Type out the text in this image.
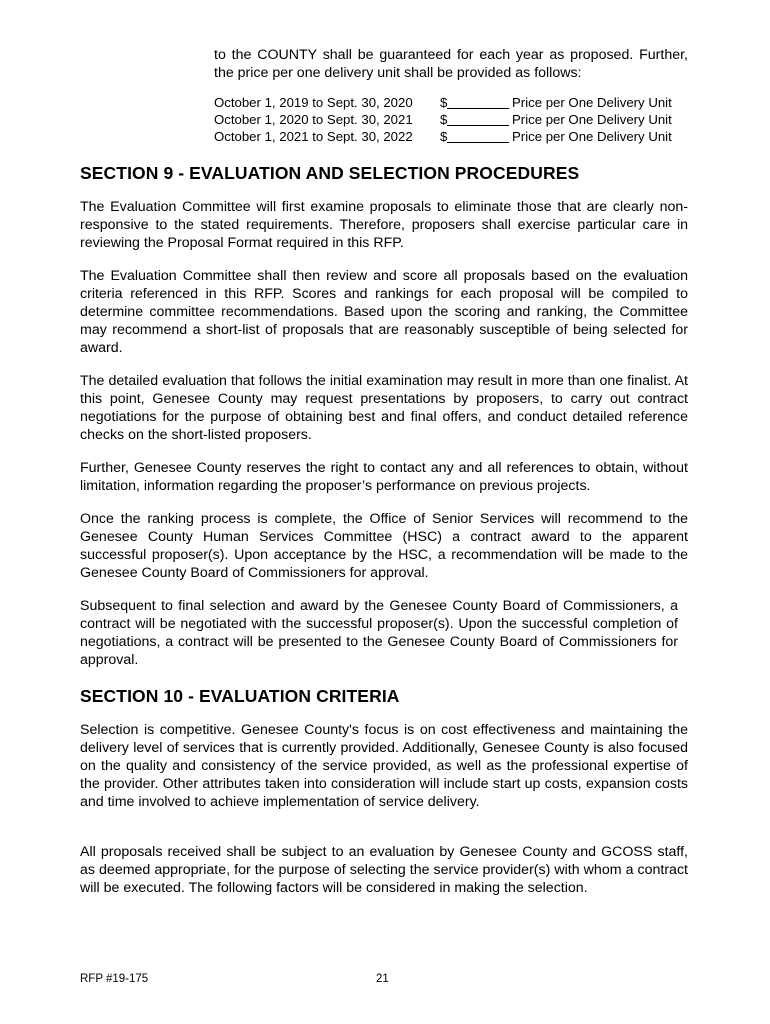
to the COUNTY shall be guaranteed for each year as proposed. Further, the price per one delivery unit shall be provided as follows:

October 1, 2019 to Sept. 30, 2020	$	Price per One Delivery Unit
October 1, 2020 to Sept. 30, 2021	$	Price per One Delivery Unit
October 1, 2021 to Sept. 30, 2022	$	Price per One Delivery Unit
SECTION 9 - EVALUATION AND SELECTION PROCEDURES

The Evaluation Committee will first examine proposals to eliminate those that are clearly non-responsive to the stated requirements. Therefore, proposers shall exercise particular care in reviewing the Proposal Format required in this RFP.

The Evaluation Committee shall then review and score all proposals based on the evaluation criteria referenced in this RFP. Scores and rankings for each proposal will be compiled to determine committee recommendations. Based upon the scoring and ranking, the Committee may recommend a short-list of proposals that are reasonably susceptible of being selected for award.

The detailed evaluation that follows the initial examination may result in more than one finalist. At this point, Genesee County may request presentations by proposers, to carry out contract negotiations for the purpose of obtaining best and final offers, and conduct detailed reference checks on the short-listed proposers.

Further, Genesee County reserves the right to contact any and all references to obtain, without limitation, information regarding the proposer’s performance on previous projects.

Once the ranking process is complete, the Office of Senior Services will recommend to the Genesee County Human Services Committee (HSC) a contract award to the apparent successful proposer(s). Upon acceptance by the HSC, a recommendation will be made to the Genesee County Board of Commissioners for approval.

Subsequent to final selection and award by the Genesee County Board of Commissioners, a contract will be negotiated with the successful proposer(s). Upon the successful completion of negotiations, a contract will be presented to the Genesee County Board of Commissioners for approval.

SECTION 10 - EVALUATION CRITERIA

Selection is competitive. Genesee County's focus is on cost effectiveness and maintaining the delivery level of services that is currently provided. Additionally, Genesee County is also focused on the quality and consistency of the service provided, as well as the professional expertise of the provider. Other attributes taken into consideration will include start up costs, expansion costs and time involved to achieve implementation of service delivery.

All proposals received shall be subject to an evaluation by Genesee County and GCOSS staff, as deemed appropriate, for the purpose of selecting the service provider(s) with whom a contract will be executed. The following factors will be considered in making the selection.

RFP #19-175	21
